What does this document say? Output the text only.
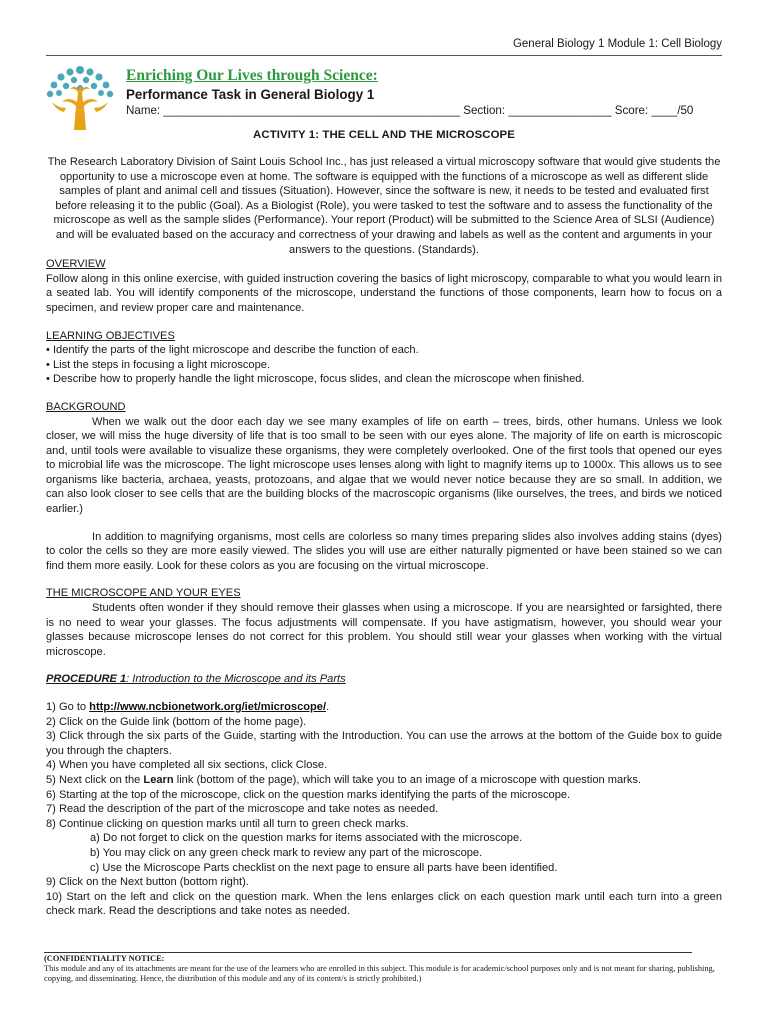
General Biology 1 Module 1: Cell Biology
Enriching Our Lives through Science:
Performance Task in General Biology 1
Name: ______________________________________________ Section: ________________ Score: ____/50
ACTIVITY 1: THE CELL AND THE MICROSCOPE

The Research Laboratory Division of Saint Louis School Inc., has just released a virtual microscopy software that would give students the opportunity to use a microscope even at home. The software is equipped with the functions of a microscope as well as different slide samples of plant and animal cell and tissues (Situation). However, since the software is new, it needs to be tested and evaluated first before releasing it to the public (Goal). As a Biologist (Role), you were tasked to test the software and to assess the functionality of the microscope as well as the sample slides (Performance). Your report (Product) will be submitted to the Science Area of SLSI (Audience) and will be evaluated based on the accuracy and correctness of your drawing and labels as well as the content and arguments in your answers to the questions. (Standards).

OVERVIEW

Follow along in this online exercise, with guided instruction covering the basics of light microscopy, comparable to what you would learn in a seated lab. You will identify components of the microscope, understand the functions of those components, learn how to focus on a specimen, and review proper care and maintenance.

LEARNING OBJECTIVES

• Identify the parts of the light microscope and describe the function of each.

• List the steps in focusing a light microscope.

• Describe how to properly handle the light microscope, focus slides, and clean the microscope when finished.

BACKGROUND

When we walk out the door each day we see many examples of life on earth – trees, birds, other humans. Unless we look closer, we will miss the huge diversity of life that is too small to be seen with our eyes alone. The majority of life on earth is microscopic and, until tools were available to visualize these organisms, they were completely overlooked. One of the first tools that opened our eyes to microbial life was the microscope. The light microscope uses lenses along with light to magnify items up to 1000x. This allows us to see organisms like bacteria, archaea, yeasts, protozoans, and algae that we would never notice because they are so small. In addition, we can also look closer to see cells that are the building blocks of the macroscopic organisms (like ourselves, the trees, and birds we noticed earlier.)

In addition to magnifying organisms, most cells are colorless so many times preparing slides also involves adding stains (dyes) to color the cells so they are more easily viewed. The slides you will use are either naturally pigmented or have been stained so we can find them more easily. Look for these colors as you are focusing on the virtual microscope.

THE MICROSCOPE AND YOUR EYES

Students often wonder if they should remove their glasses when using a microscope. If you are nearsighted or farsighted, there is no need to wear your glasses. The focus adjustments will compensate. If you have astigmatism, however, you should wear your glasses because microscope lenses do not correct for this problem. You should still wear your glasses when working with the virtual microscope.

PROCEDURE 1: Introduction to the Microscope and its Parts

1) Go to http://www.ncbionetwork.org/iet/microscope/.

2) Click on the Guide link (bottom of the home page).

3) Click through the six parts of the Guide, starting with the Introduction. You can use the arrows at the bottom of the Guide box to guide you through the chapters.

4) When you have completed all six sections, click Close.

5) Next click on the Learn link (bottom of the page), which will take you to an image of a microscope with question marks.

6) Starting at the top of the microscope, click on the question marks identifying the parts of the microscope.

7) Read the description of the part of the microscope and take notes as needed.

8) Continue clicking on question marks until all turn to green check marks.

a) Do not forget to click on the question marks for items associated with the microscope.

b) You may click on any green check mark to review any part of the microscope.

c) Use the Microscope Parts checklist on the next page to ensure all parts have been identified.

9) Click on the Next button (bottom right).

10) Start on the left and click on the question mark. When the lens enlarges click on each question mark until each turn into a green check mark. Read the descriptions and take notes as needed.

(CONFIDENTIALITY NOTICE:
This module and any of its attachments are meant for the use of the learners who are enrolled in this subject. This module is for academic/school purposes only and is not meant for sharing, publishing, copying, and disseminating. Hence, the distribution of this module and any of its content/s is strictly prohibited.)
